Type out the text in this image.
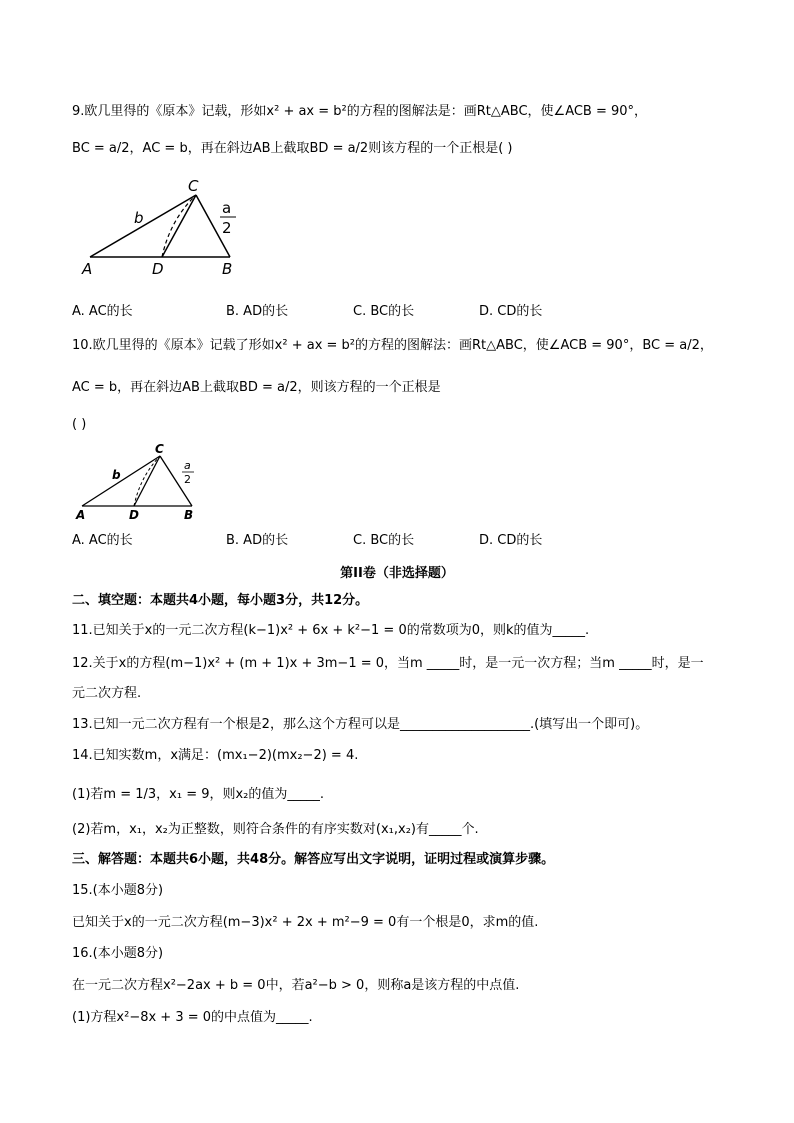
9.欧几里得的《原本》记载，形如x² + ax = b²的方程的图解法是：画Rt△ABC，使∠ACB = 90°，
BC = a/2，AC = b，再在斜边AB上截取BD = a/2则该方程的一个正根是( )
C
b
a
2
A	D	B
A. AC的长	B. AD的长	C. BC的长	D. CD的长
10.欧几里得的《原本》记载了形如x² + ax = b²的方程的图解法：画Rt△ABC，使∠ACB = 90°，BC = a/2，
AC = b，再在斜边AB上截取BD = a/2，则该方程的一个正根是
( )
C
b
a
2
A	D	B
A. AC的长	B. AD的长	C. BC的长	D. CD的长
第II卷（非选择题）
二、填空题：本题共4小题，每小题3分，共12分。
11.已知关于x的一元二次方程(k−1)x² + 6x + k²−1 = 0的常数项为0，则k的值为_____.
12.关于x的方程(m−1)x² + (m + 1)x + 3m−1 = 0，当m _____时，是一元一次方程；当m _____时，是一
元二次方程.
13.已知一元二次方程有一个根是2，那么这个方程可以是____________________.(填写出一个即可)。
14.已知实数m，x满足：(mx₁−2)(mx₂−2) = 4.
(1)若m = 1/3，x₁ = 9，则x₂的值为_____.
(2)若m，x₁，x₂为正整数，则符合条件的有序实数对(x₁,x₂)有_____个.
三、解答题：本题共6小题，共48分。解答应写出文字说明，证明过程或演算步骤。
15.(本小题8分)
已知关于x的一元二次方程(m−3)x² + 2x + m²−9 = 0有一个根是0，求m的值.
16.(本小题8分)
在一元二次方程x²−2ax + b = 0中，若a²−b > 0，则称a是该方程的中点值.
(1)方程x²−8x + 3 = 0的中点值为_____.
